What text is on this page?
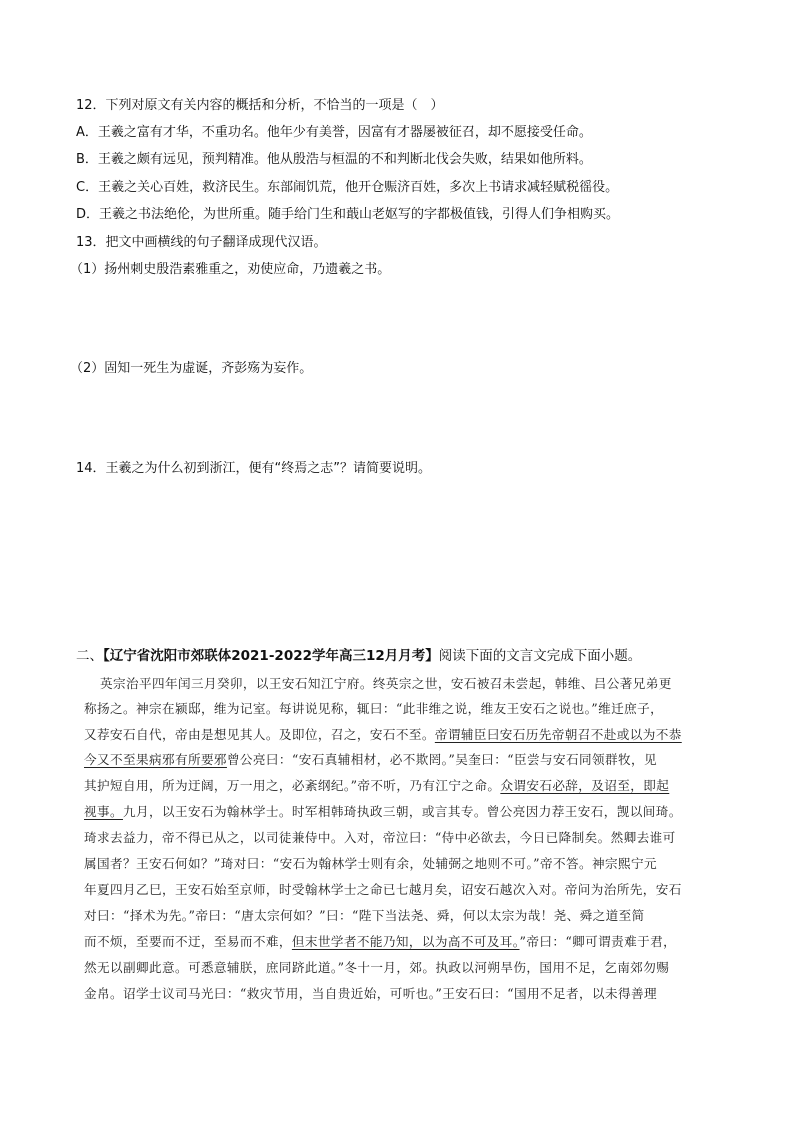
12．下列对原文有关内容的概括和分析，不恰当的一项是（　）
A．王羲之富有才华，不重功名。他年少有美誉，因富有才器屡被征召，却不愿接受任命。
B．王羲之颇有远见，预判精准。他从殷浩与桓温的不和判断北伐会失败，结果如他所料。
C．王羲之关心百姓，救济民生。东部闹饥荒，他开仓赈济百姓，多次上书请求减轻赋税徭役。
D．王羲之书法绝伦，为世所重。随手给门生和蕺山老妪写的字都极值钱，引得人们争相购买。
13．把文中画横线的句子翻译成现代汉语。
（1）扬州刺史殷浩素雅重之，劝使应命，乃遗羲之书。
（2）固知一死生为虚诞，齐彭殇为妄作。
14．王羲之为什么初到浙江，便有“终焉之志”？请简要说明。
二、【辽宁省沈阳市郊联体2021-2022学年高三12月月考】阅读下面的文言文完成下面小题。
英宗治平四年闰三月癸卯，以王安石知江宁府。终英宗之世，安石被召未尝起，韩维、吕公著兄弟更
称扬之。神宗在颍邸，维为记室。每讲说见称，辄曰：“此非维之说，维友王安石之说也。”维迁庶子，
又荐安石自代，帝由是想见其人。及即位，召之，安石不至。帝谓辅臣曰安石历先帝朝召不赴或以为不恭
今又不至果病邪有所要邪曾公亮曰：“安石真辅相材，必不欺罔。”吴奎曰：“臣尝与安石同领群牧，见
其护短自用，所为迂阔，万一用之，必紊纲纪。”帝不听，乃有江宁之命。众谓安石必辞，及诏至，即起
视事。九月，以王安石为翰林学士。时军相韩琦执政三朝，或言其专。曾公亮因力荐王安石，觊以间琦。
琦求去益力，帝不得已从之，以司徒兼侍中。入对，帝泣曰：“侍中必欲去，今日已降制矣。然卿去谁可
属国者？王安石何如？”琦对曰：“安石为翰林学士则有余，处辅弼之地则不可。”帝不答。神宗熙宁元
年夏四月乙巳，王安石始至京师，时受翰林学士之命已七越月矣，诏安石越次入对。帝问为治所先，安石
对曰：“择术为先。”帝曰：“唐太宗何如？”曰：“陛下当法尧、舜，何以太宗为哉！尧、舜之道至简
而不烦，至要而不迂，至易而不难，但末世学者不能乃知，以为高不可及耳。”帝曰：“卿可谓责难于君，
然无以副卿此意。可悉意辅朕，庶同跻此道。”冬十一月，郊。执政以河朔旱伤，国用不足，乞南郊勿赐
金帛。诏学士议司马光曰：“救灾节用，当自贵近始，可听也。”王安石曰：“国用不足者，以未得善理
